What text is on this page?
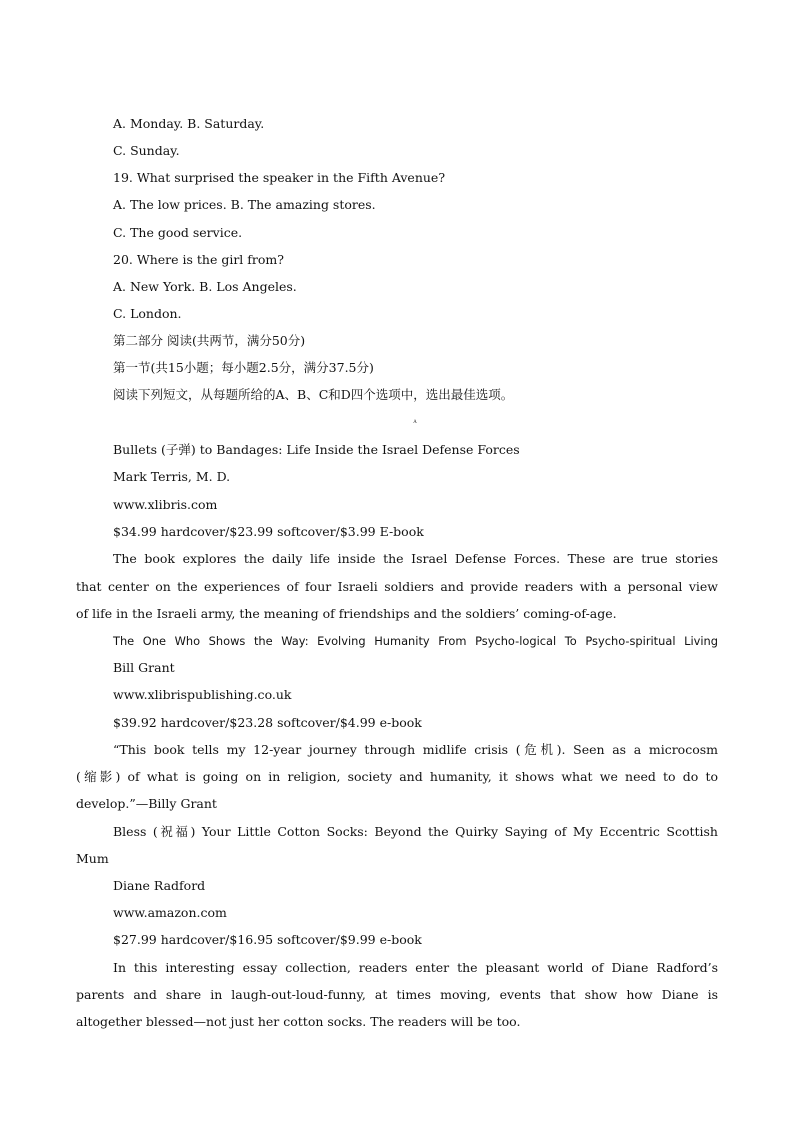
A. Monday. B. Saturday.
C. Sunday.
19. What surprised the speaker in the Fifth Avenue?
A. The low prices. B. The amazing stores.
C. The good service.
20. Where is the girl from?
A. New York. B. Los Angeles.
C. London.
第二部分 阅读(共两节，满分50分)
第一节(共15小题；每小题2.5分，满分37.5分)
阅读下列短文，从每题所给的A、B、C和D四个选项中，选出最佳选项。
A
Bullets (子弹) to Bandages: Life Inside the Israel Defense Forces
Mark Terris, M. D.
www.xlibris.com
$34.99 hardcover/$23.99 softcover/$3.99 E-book
The book explores the daily life inside the Israel Defense Forces. These are true stories
that center on the experiences of four Israeli soldiers and provide readers with a personal view
of life in the Israeli army, the meaning of friendships and the soldiers’ coming-of-age.
The One Who Shows the Way: Evolving Humanity From Psycho-logical To Psycho-spiritual Living
Bill Grant
www.xlibrispublishing.co.uk
$39.92 hardcover/$23.28 softcover/$4.99 e-book
“This book tells my 12-year journey through midlife crisis (危机). Seen as a microcosm
(缩影) of what is going on in religion, society and humanity, it shows what we need to do to
develop.”—Billy Grant
Bless (祝福) Your Little Cotton Socks: Beyond the Quirky Saying of My Eccentric Scottish
Mum
Diane Radford
www.amazon.com
$27.99 hardcover/$16.95 softcover/$9.99 e-book
In this interesting essay collection, readers enter the pleasant world of Diane Radford’s
parents and share in laugh-out-loud-funny, at times moving, events that show how Diane is
altogether blessed—not just her cotton socks. The readers will be too.
